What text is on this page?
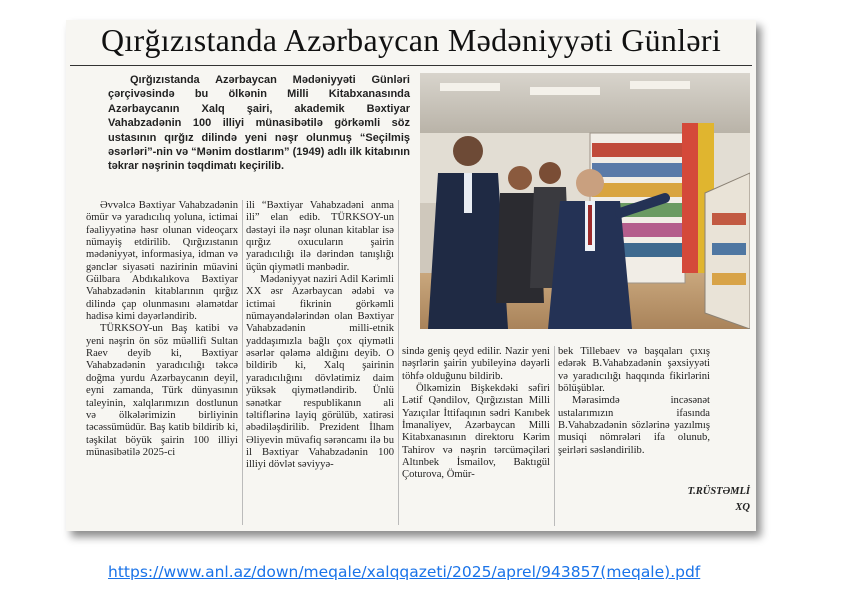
Qırğızıstanda Azərbaycan Mədəniyyəti Günləri

Qırğızıstanda Azərbaycan Mədəniyyəti Günləri çərçivəsində bu ölkənin Milli Kitabxanasında Azərbaycanın Xalq şairi, akademik Bəxtiyar Vahabzadənin 100 illiyi münasibətilə görkəmli söz ustasının qırğız dilində yeni nəşr olunmuş “Seçilmiş əsərləri”-nin və “Mənim dostlarım” (1949) adlı ilk kitabının təkrar nəşrinin təqdimatı keçirilib.

Əvvəlcə Bəxtiyar Vahabzadənin ömür və yaradıcılıq yoluna, ictimai fəaliyyətinə həsr olunan videoçarx nümayiş etdirilib. Qırğızıstanın mədəniyyət, informasiya, idman və gənclər siyasəti nazirinin müavini Gülbara Abdıkalıkova Bəxtiyar Vahabzadənin kitablarının qırğız dilində çap olunmasını əlamətdar hadisə kimi dəyərləndirib.

TÜRKSOY-un Baş katibi və yeni nəşrin ön söz müəllifi Sultan Raev deyib ki, Bəxtiyar Vahabzadənin yaradıcılığı təkcə doğma yurdu Azərbaycanın deyil, eyni zamanda, Türk dünyasının taleyinin, xalqlarımızın dostlunun və ölkələrimizin birliyinin təcəssümüdür. Baş katib bildirib ki, təşkilat böyük şairin 100 illiyi münasibətilə 2025-ci

ili “Bəxtiyar Vahabzadəni anma ili” elan edib. TÜRKSOY-un dəstəyi ilə nəşr olunan kitablar isə qırğız oxucuların şairin yaradıcılığı ilə dərindən tanışlığı üçün qiymətli mənbədir.

Mədəniyyət naziri Adil Kərimli XX əsr Azərbaycan ədəbi və ictimai fikrinin görkəmli nümayəndələrindən olan Bəxtiyar Vahabzadənin milli-etnik yaddaşımızla bağlı çox qiymətli əsərlər qələmə aldığını deyib. O bildirib ki, Xalq şairinin yaradıcılığını dövlətimiz daim yüksək qiymətləndirib. Ünlü sənətkar respublikanın ali təltiflərinə layiq görülüb, xatirəsi əbədiləşdirilib. Prezident İlham Əliyevin müvafiq sərəncamı ilə bu il Bəxtiyar Vahabzadənin 100 illiyi dövlət səviyyə-

sində geniş qeyd edilir. Nazir yeni nəşrlərin şairin yubileyinə dəyərli töhfə olduğunu bildirib.

Ölkəmizin Bişkekdəki səfiri Lətif Qəndilov, Qırğızıstan Milli Yazıçılar İttifaqının sədri Kanıbek İmanaliyev, Azərbaycan Milli Kitabxanasının direktoru Kərim Tahirov və nəşrin tərcüməçiləri Altınbek İsmailov, Baktıgül Çoturova, Ömür-

bek Tillebaev və başqaları çıxış edərək B.Vahabzadənin şəxsiyyəti və yaradıcılığı haqqında fikirlərini bölüşüblər.

Mərasimdə incəsənət ustalarımızın ifasında B.Vahabzadənin sözlərinə yazılmış musiqi nömrələri ifa olunub, şeirləri səsləndirilib.

T.RÜSTƏMLİ
XQ
https://www.anl.az/down/meqale/xalqqazeti/2025/aprel/943857(meqale).pdf
